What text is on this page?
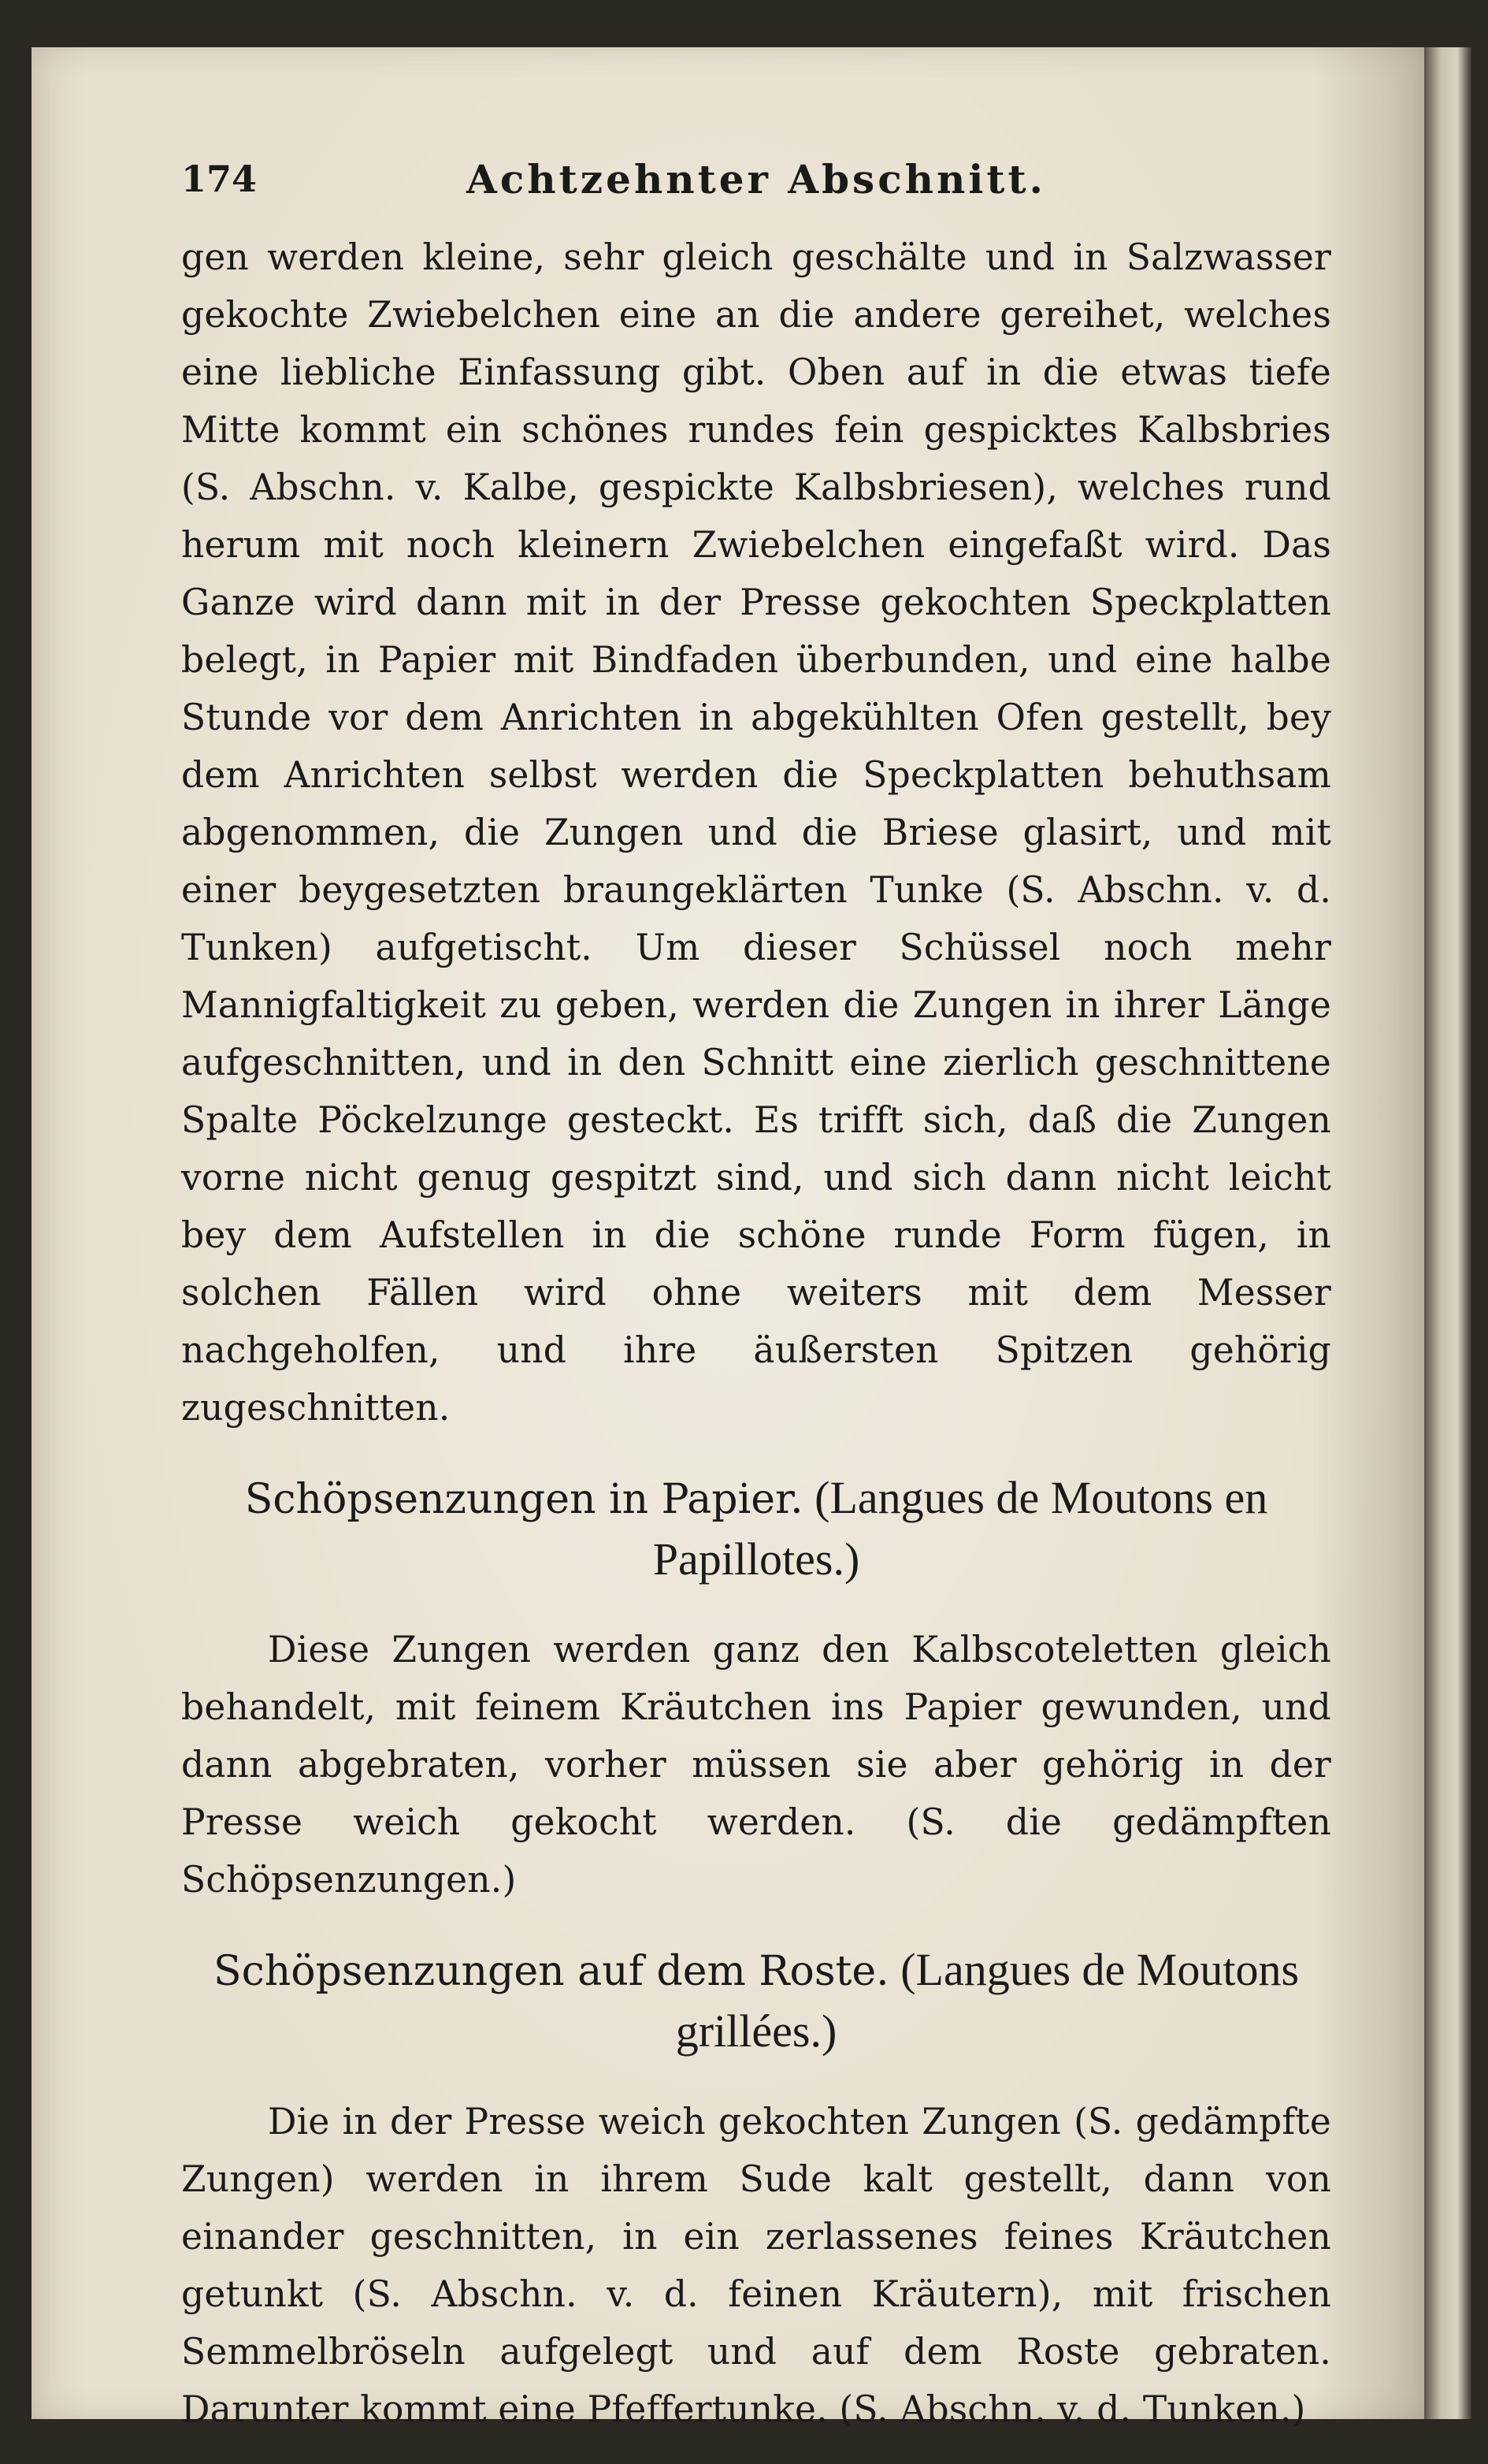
174	Achtzehnter Abschnitt.

gen werden kleine, sehr gleich geschälte und in Salzwasser gekochte Zwiebelchen eine an die andere gereihet, welches eine liebliche Einfassung gibt. Oben auf in die etwas tiefe Mitte kommt ein schönes rundes fein gespicktes Kalbsbries (S. Abschn. v. Kalbe, gespickte Kalbsbriesen), welches rund herum mit noch kleinern Zwiebelchen eingefaßt wird. Das Ganze wird dann mit in der Presse gekochten Speckplatten belegt, in Papier mit Bindfaden überbunden, und eine halbe Stunde vor dem Anrichten in abgekühlten Ofen gestellt, bey dem Anrichten selbst werden die Speckplatten behuthsam abgenommen, die Zungen und die Briese glasirt, und mit einer beygesetzten braungeklärten Tunke (S. Abschn. v. d. Tunken) aufgetischt. Um dieser Schüssel noch mehr Mannigfaltigkeit zu geben, werden die Zungen in ihrer Länge aufgeschnitten, und in den Schnitt eine zierlich geschnittene Spalte Pöckelzunge gesteckt. Es trifft sich, daß die Zungen vorne nicht genug gespitzt sind, und sich dann nicht leicht bey dem Aufstellen in die schöne runde Form fügen, in solchen Fällen wird ohne weiters mit dem Messer nachgeholfen, und ihre äußersten Spitzen gehörig zugeschnitten.

Schöpsenzungen in Papier. (Langues de Moutons en Papillotes.)

Diese Zungen werden ganz den Kalbscoteletten gleich behandelt, mit feinem Kräutchen ins Papier gewunden, und dann abgebraten, vorher müssen sie aber gehörig in der Presse weich gekocht werden. (S. die gedämpften Schöpsenzungen.)

Schöpsenzungen auf dem Roste. (Langues de Moutons grillées.)

Die in der Presse weich gekochten Zungen (S. gedämpfte Zungen) werden in ihrem Sude kalt gestellt, dann von einander geschnitten, in ein zerlassenes feines Kräutchen getunkt (S. Abschn. v. d. feinen Kräutern), mit frischen Semmelbröseln aufgelegt und auf dem Roste gebraten. Darunter kommt eine Pfeffertunke. (S. Abschn. v. d. Tunken.)
